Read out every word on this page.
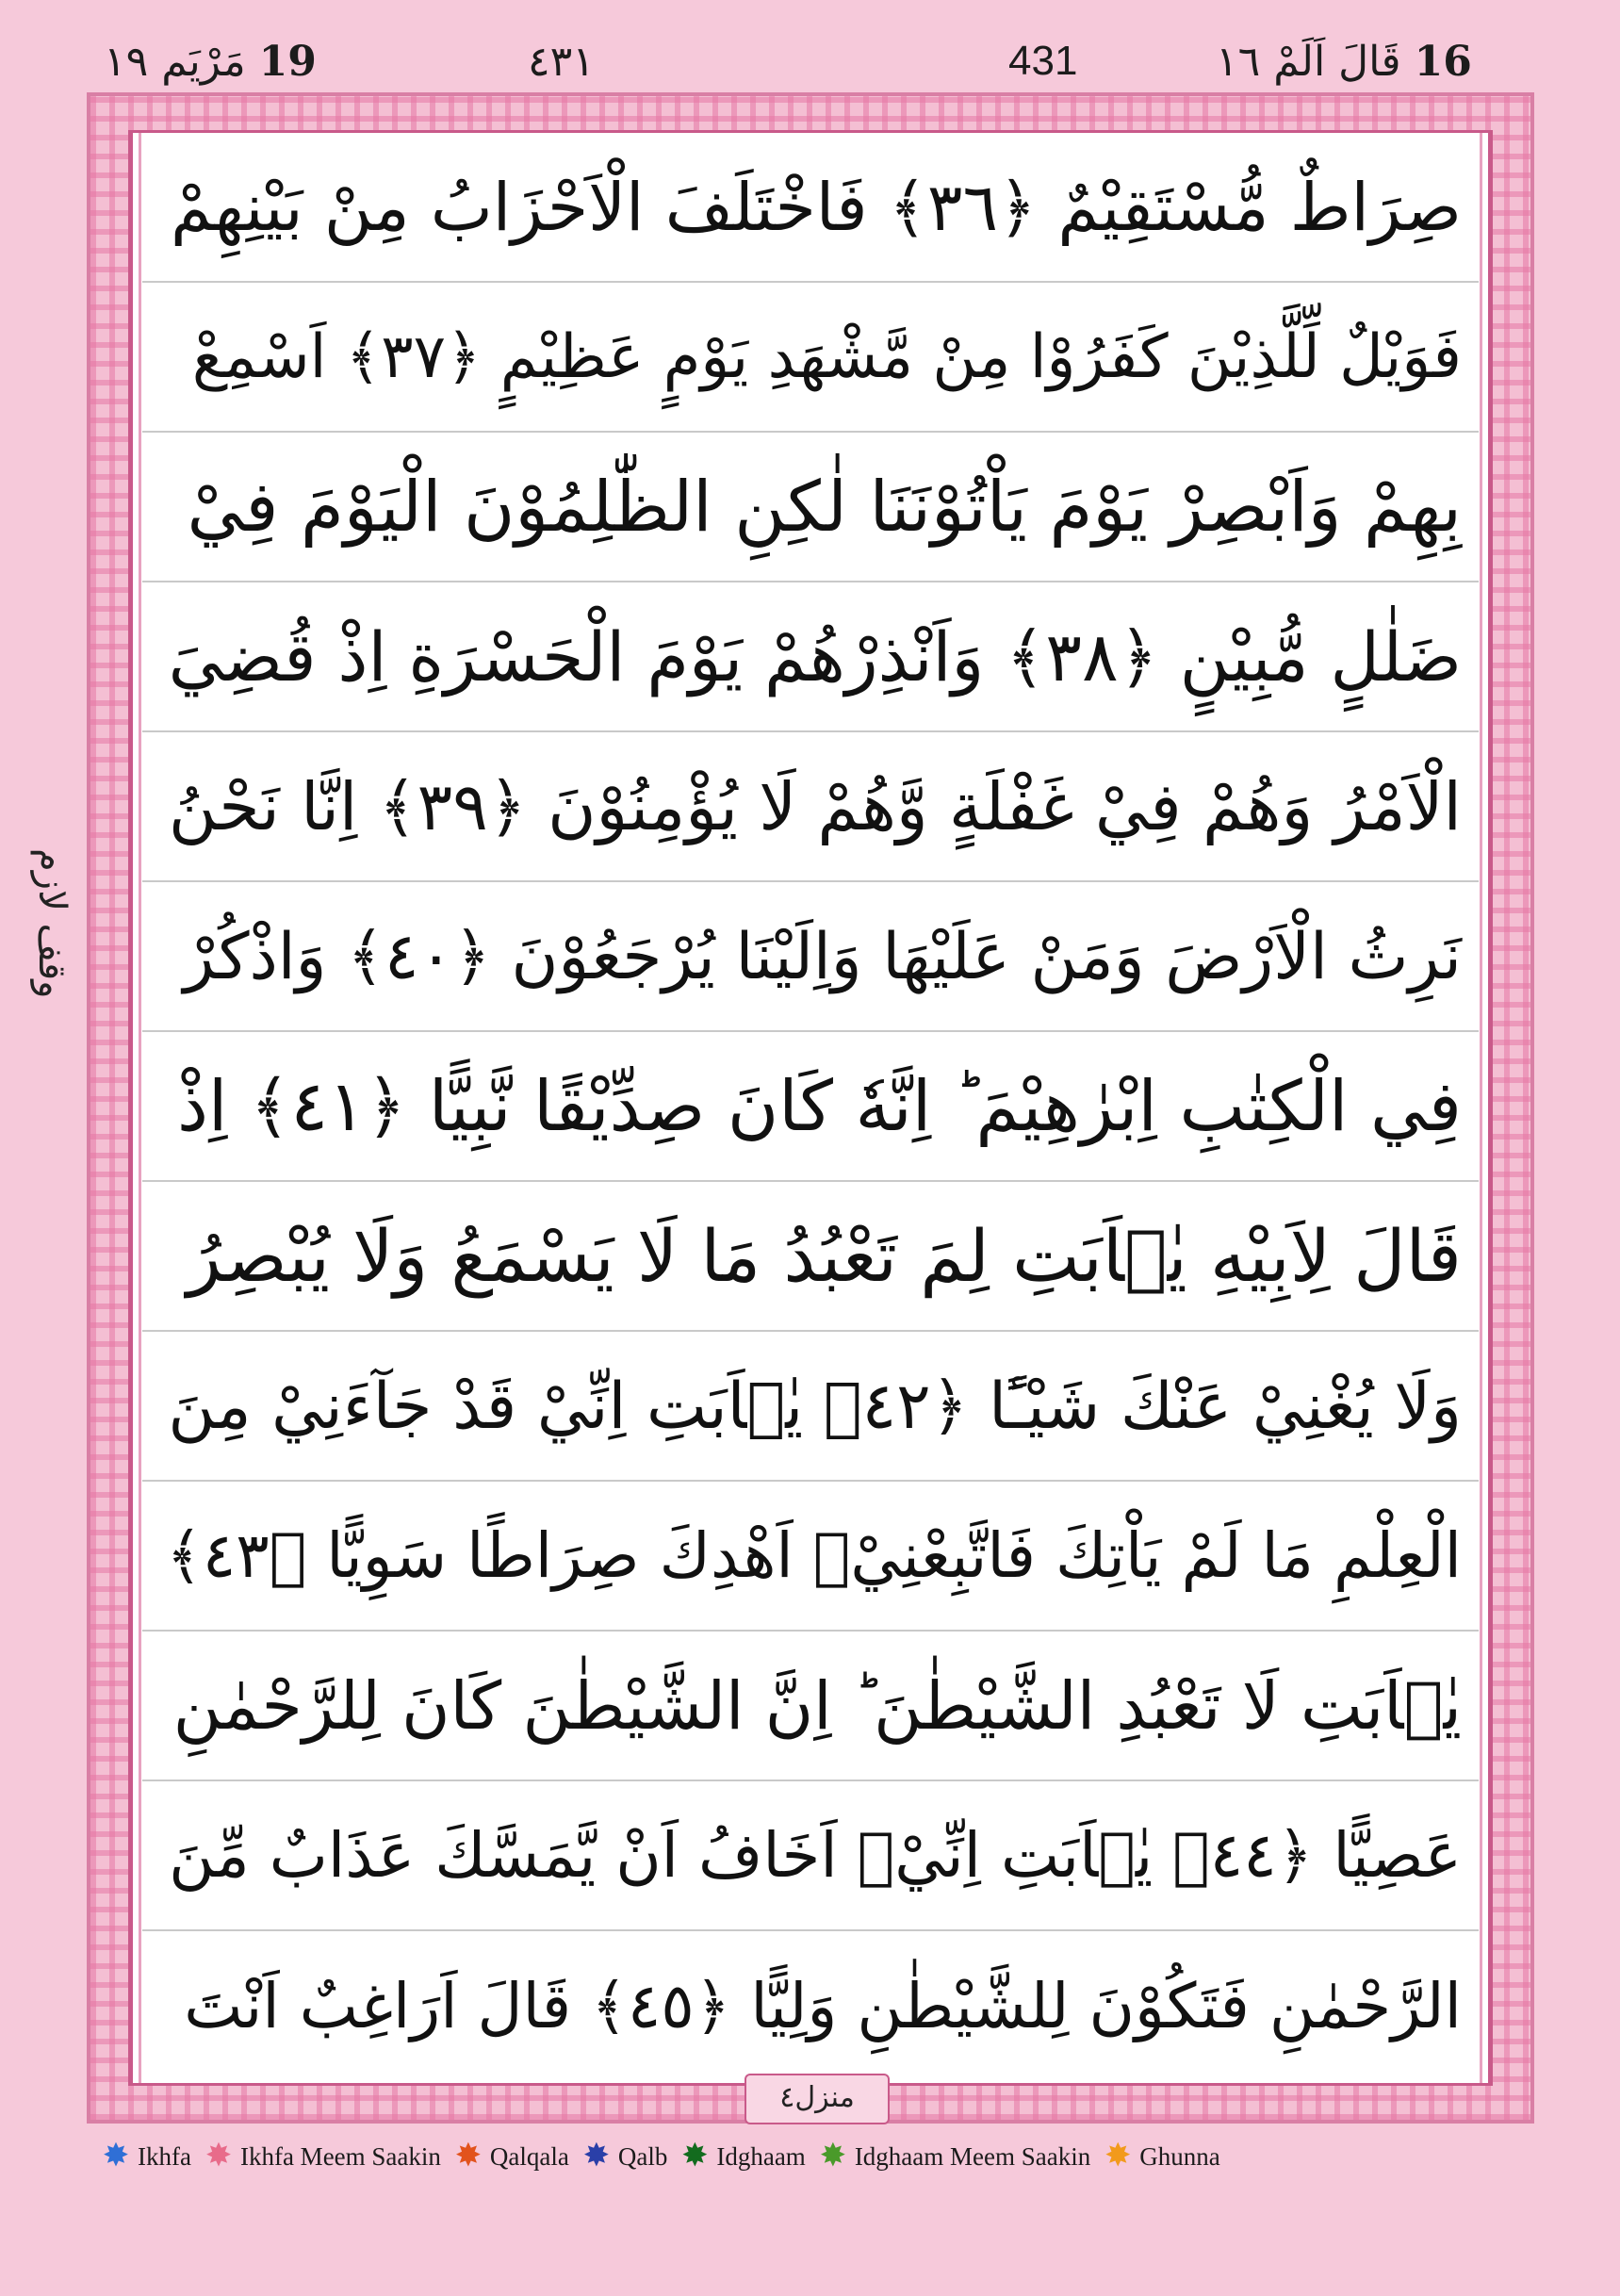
١٩
مَرْيَم 19	٤٣١	431	١٦
قَالَ اَلَمْ 16
وقف لازم
صِرَاطٌ مُّسْتَقِيْمٌ ﴿٣٦﴾ فَاخْتَلَفَ الْاَحْزَابُ مِنْ بَيْنِهِمْ
فَوَيْلٌ لِّلَّذِيْنَ كَفَرُوْا مِنْ مَّشْهَدِ يَوْمٍ عَظِيْمٍ ﴿٣٧﴾ اَسْمِعْ
بِهِمْ وَاَبْصِرْ يَوْمَ يَاْتُوْنَنَا لٰكِنِ الظّٰلِمُوْنَ الْيَوْمَ فِيْ
ضَلٰلٍ مُّبِيْنٍ ﴿٣٨﴾ وَاَنْذِرْهُمْ يَوْمَ الْحَسْرَةِ اِذْ قُضِيَ
الْاَمْرُ وَهُمْ فِيْ غَفْلَةٍ وَّهُمْ لَا يُؤْمِنُوْنَ ﴿٣٩﴾ اِنَّا نَحْنُ
نَرِثُ الْاَرْضَ وَمَنْ عَلَيْهَا وَاِلَيْنَا يُرْجَعُوْنَ ﴿٤٠﴾ وَاذْكُرْ
فِي الْكِتٰبِ اِبْرٰهِيْمَ ؕ اِنَّهٗ كَانَ صِدِّيْقًا نَّبِيًّا ﴿٤١﴾ اِذْ
قَالَ لِاَبِيْهِ يٰۤاَبَتِ لِمَ تَعْبُدُ مَا لَا يَسْمَعُ وَلَا يُبْصِرُ
وَلَا يُغْنِيْ عَنْكَ شَيْـًٔا ﴿٤٢﴾ يٰۤاَبَتِ اِنِّيْ قَدْ جَآءَنِيْ مِنَ
الْعِلْمِ مَا لَمْ يَاْتِكَ فَاتَّبِعْنِيْۤ اَهْدِكَ صِرَاطًا سَوِيًّا ﴿٤٣﴾
يٰۤاَبَتِ لَا تَعْبُدِ الشَّيْطٰنَ ؕ اِنَّ الشَّيْطٰنَ كَانَ لِلرَّحْمٰنِ
عَصِيًّا ﴿٤٤﴾ يٰۤاَبَتِ اِنِّيْۤ اَخَافُ اَنْ يَّمَسَّكَ عَذَابٌ مِّنَ
الرَّحْمٰنِ فَتَكُوْنَ لِلشَّيْطٰنِ وَلِيًّا ﴿٤٥﴾ قَالَ اَرَاغِبٌ اَنْتَ
منزل٤
✸ Ikhfa ✸ Ikhfa Meem Saakin ✸ Qalqala ✸ Qalb ✸ Idghaam ✸ Idghaam Meem Saakin ✸ Ghunna
